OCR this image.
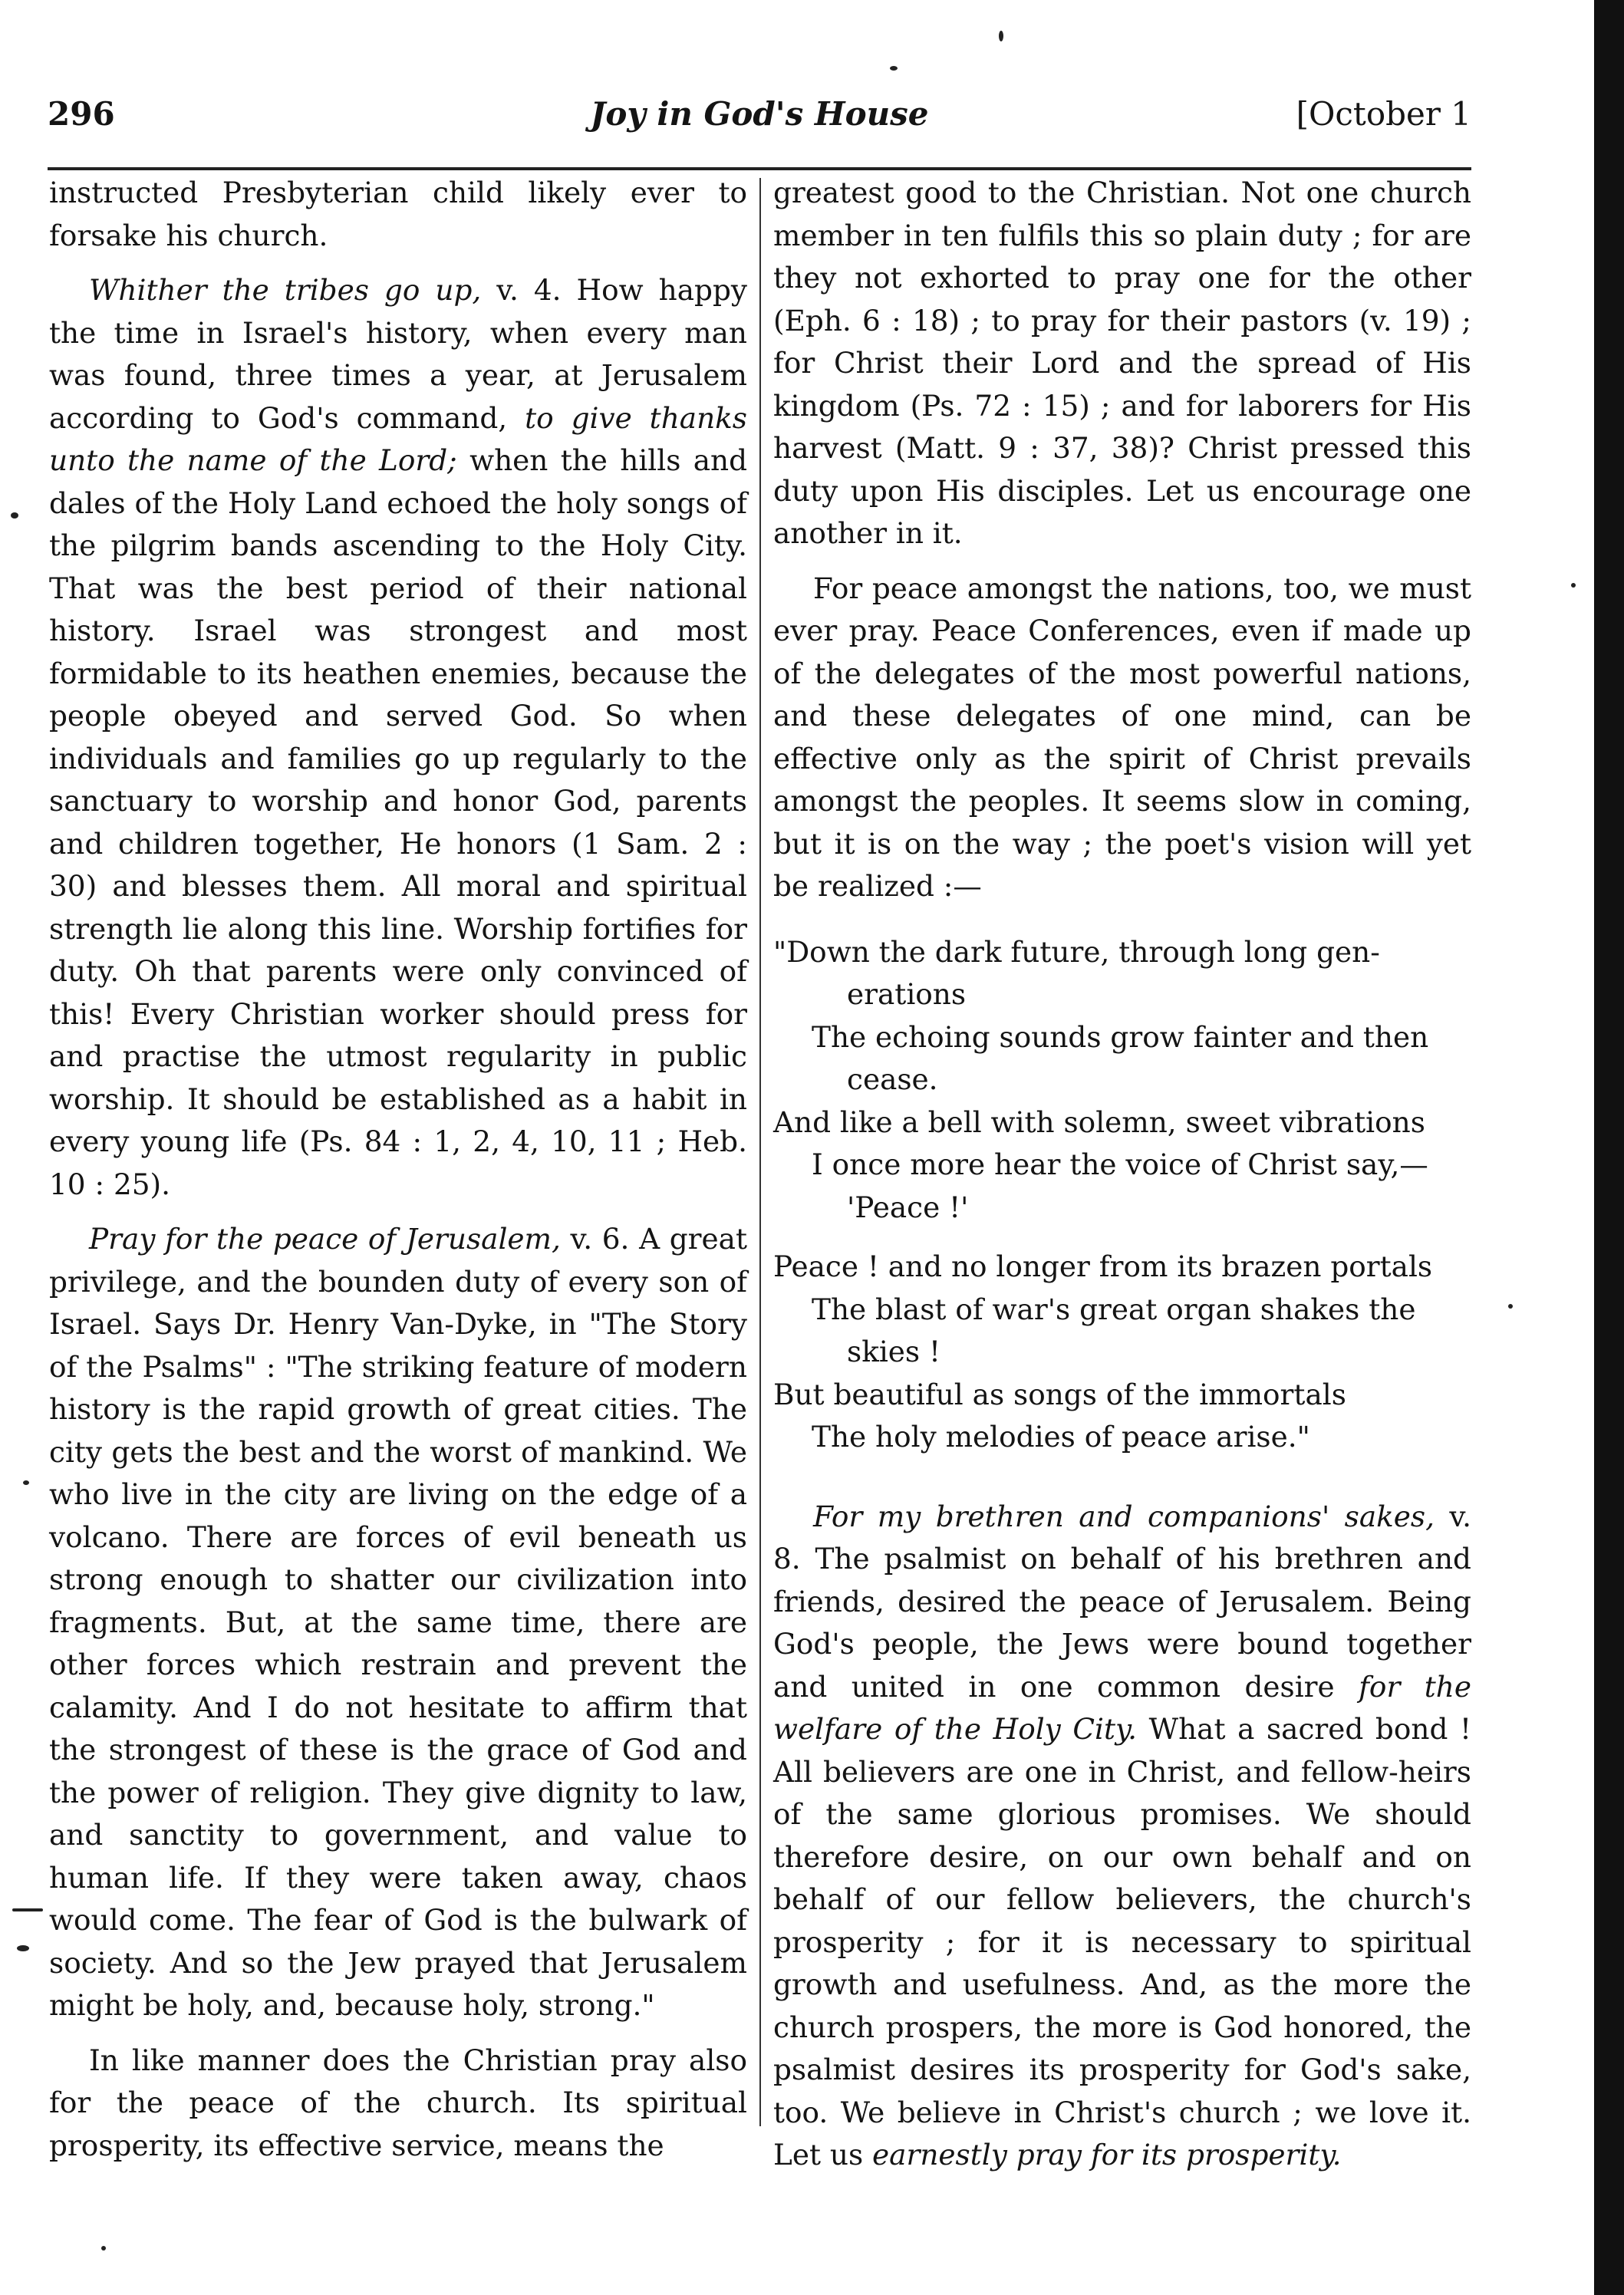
296	Joy in God's House	[October 1

instructed Presbyterian child likely ever to forsake his church.

Whither the tribes go up, v. 4. How happy the time in Israel's history, when every man was found, three times a year, at Jerusalem according to God's command, to give thanks unto the name of the Lord; when the hills and dales of the Holy Land echoed the holy songs of the pilgrim bands ascending to the Holy City. That was the best period of their national history. Israel was strongest and most formidable to its heathen enemies, because the people obeyed and served God. So when individuals and families go up regularly to the sanctuary to worship and honor God, parents and children together, He honors (1 Sam. 2 : 30) and blesses them. All moral and spiritual strength lie along this line. Worship fortifies for duty. Oh that parents were only convinced of this! Every Christian worker should press for and practise the utmost regularity in public worship. It should be established as a habit in every young life (Ps. 84 : 1, 2, 4, 10, 11 ; Heb. 10 : 25).

Pray for the peace of Jerusalem, v. 6. A great privilege, and the bounden duty of every son of Israel. Says Dr. Henry Van-Dyke, in "The Story of the Psalms" : "The striking feature of modern history is the rapid growth of great cities. The city gets the best and the worst of mankind. We who live in the city are living on the edge of a volcano. There are forces of evil beneath us strong enough to shatter our civilization into fragments. But, at the same time, there are other forces which restrain and prevent the calamity. And I do not hesitate to affirm that the strongest of these is the grace of God and the power of religion. They give dignity to law, and sanctity to government, and value to human life. If they were taken away, chaos would come. The fear of God is the bulwark of society. And so the Jew prayed that Jerusalem might be holy, and, because holy, strong."

In like manner does the Christian pray also for the peace of the church. Its spiritual prosperity, its effective service, means the

greatest good to the Christian. Not one church member in ten fulfils this so plain duty ; for are they not exhorted to pray one for the other (Eph. 6 : 18) ; to pray for their pastors (v. 19) ; for Christ their Lord and the spread of His kingdom (Ps. 72 : 15) ; and for laborers for His harvest (Matt. 9 : 37, 38)? Christ pressed this duty upon His disciples. Let us encourage one another in it.

For peace amongst the nations, too, we must ever pray. Peace Conferences, even if made up of the delegates of the most powerful nations, and these delegates of one mind, can be effective only as the spirit of Christ prevails amongst the peoples. It seems slow in coming, but it is on the way ; the poet's vision will yet be realized :—

"Down the dark future, through long gen-
erations
The echoing sounds grow fainter and then
cease.
And like a bell with solemn, sweet vibrations
I once more hear the voice of Christ say,—
'Peace !'
Peace ! and no longer from its brazen portals
The blast of war's great organ shakes the
skies !
But beautiful as songs of the immortals
The holy melodies of peace arise."

For my brethren and companions' sakes, v. 8. The psalmist on behalf of his brethren and friends, desired the peace of Jerusalem. Being God's people, the Jews were bound together and united in one common desire for the welfare of the Holy City. What a sacred bond ! All believers are one in Christ, and fellow-heirs of the same glorious promises. We should therefore desire, on our own behalf and on behalf of our fellow believers, the church's prosperity ; for it is necessary to spiritual growth and usefulness. And, as the more the church prospers, the more is God honored, the psalmist desires its prosperity for God's sake, too. We believe in Christ's church ; we love it. Let us earnestly pray for its prosperity.
